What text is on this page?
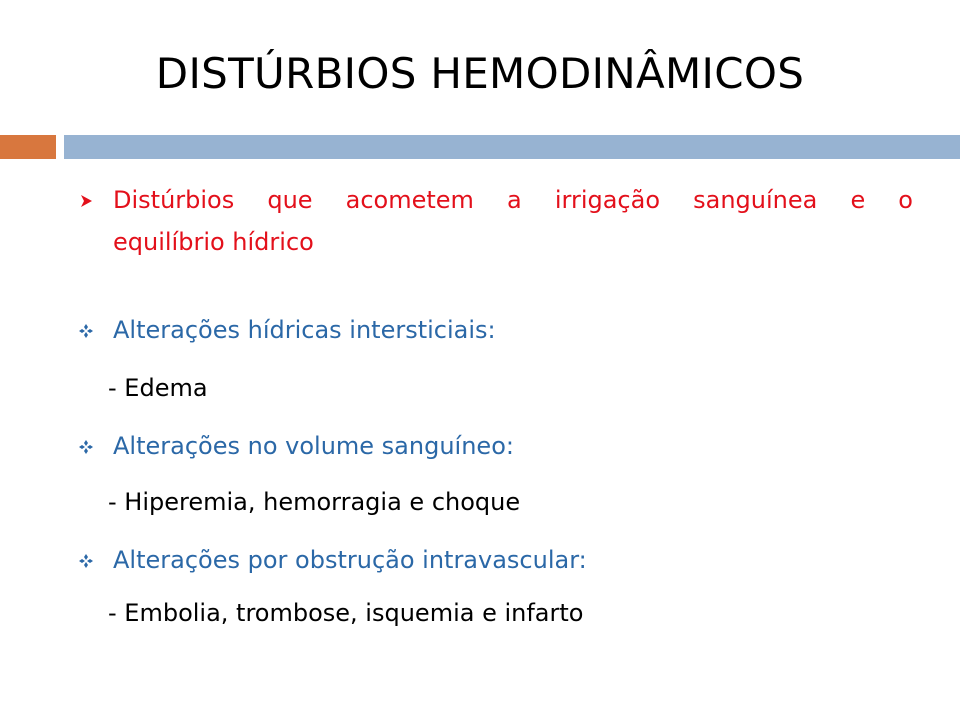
DISTÚRBIOS HEMODINÂMICOS
Distúrbios que acometem a irrigação sanguínea e o
equilíbrio hídrico
Alterações hídricas intersticiais:
- Edema
Alterações no volume sanguíneo:
- Hiperemia, hemorragia e choque
Alterações por obstrução intravascular:
- Embolia, trombose, isquemia e infarto
